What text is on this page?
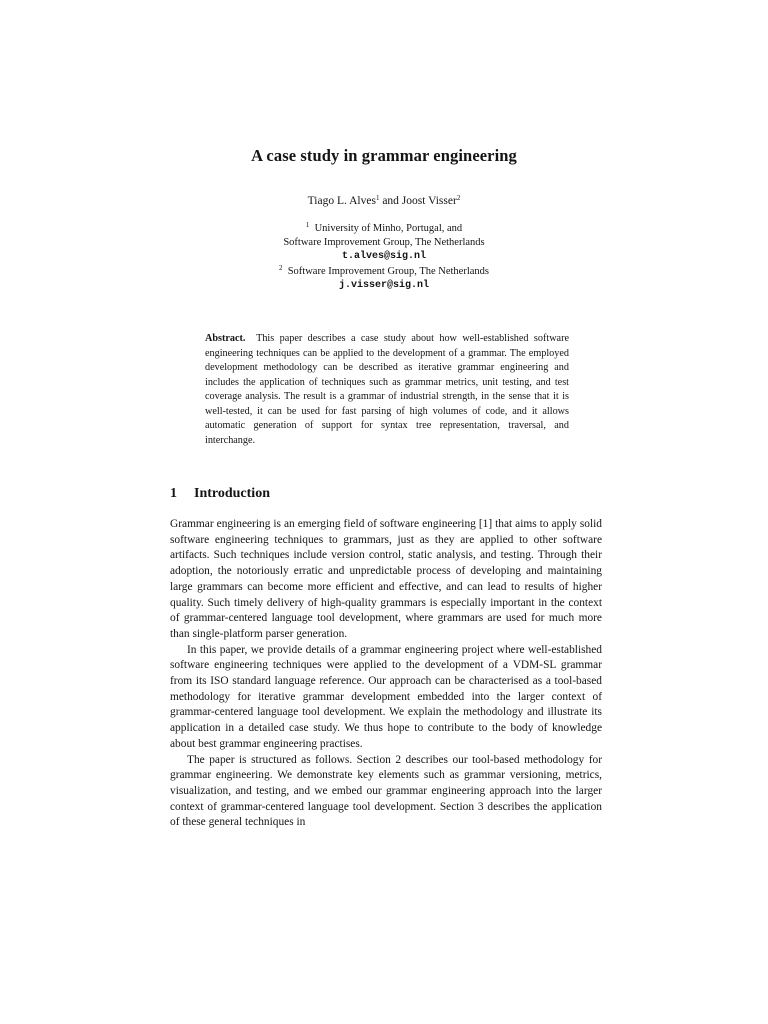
A case study in grammar engineering
Tiago L. Alves$^1$ and Joost Visser$^2$
$^1$ University of Minho, Portugal, and
Software Improvement Group, The Netherlands
t.alves@sig.nl
$^2$ Software Improvement Group, The Netherlands
j.visser@sig.nl
Abstract. This paper describes a case study about how well-established software engineering techniques can be applied to the development of a grammar. The employed development methodology can be described as iterative grammar engineering and includes the application of techniques such as grammar metrics, unit testing, and test coverage analysis. The result is a grammar of industrial strength, in the sense that it is well-tested, it can be used for fast parsing of high volumes of code, and it allows automatic generation of support for syntax tree representation, traversal, and interchange.
1 Introduction

Grammar engineering is an emerging field of software engineering [1] that aims to apply solid software engineering techniques to grammars, just as they are applied to other software artifacts. Such techniques include version control, static analysis, and testing. Through their adoption, the notoriously erratic and unpredictable process of developing and maintaining large grammars can become more efficient and effective, and can lead to results of higher quality. Such timely delivery of high-quality grammars is especially important in the context of grammar-centered language tool development, where grammars are used for much more than single-platform parser generation.

In this paper, we provide details of a grammar engineering project where well-established software engineering techniques were applied to the development of a VDM-SL grammar from its ISO standard language reference. Our approach can be characterised as a tool-based methodology for iterative grammar development embedded into the larger context of grammar-centered language tool development. We explain the methodology and illustrate its application in a detailed case study. We thus hope to contribute to the body of knowledge about best grammar engineering practises.

The paper is structured as follows. Section 2 describes our tool-based methodology for grammar engineering. We demonstrate key elements such as grammar versioning, metrics, visualization, and testing, and we embed our grammar engineering approach into the larger context of grammar-centered language tool development. Section 3 describes the application of these general techniques in
